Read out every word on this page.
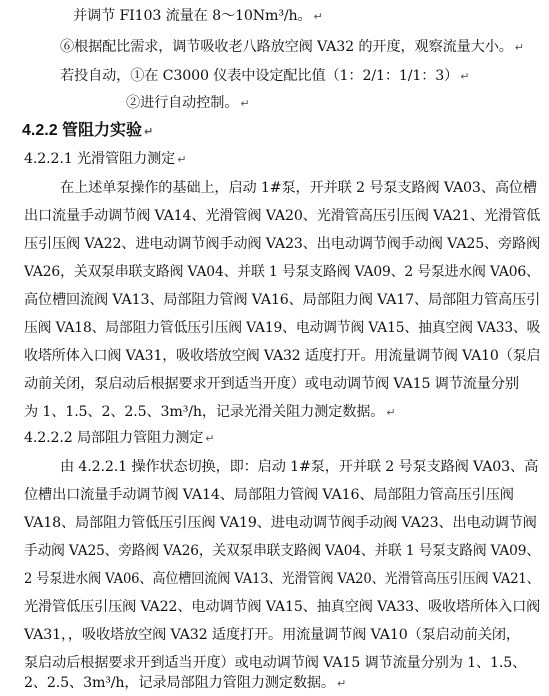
并调节 FI103 流量在 8～10Nm³/h。 ↵
⑥根据配比需求，调节吸收老八路放空阀 VA32 的开度，观察流量大小。 ↵
若投自动，①在 C3000 仪表中设定配比值（1：2/1：1/1：3） ↵
②进行自动控制。 ↵
4.2.2 管阻力实验 ↵
4.2.2.1 光滑管阻力测定 ↵
在上述单泵操作的基础上，启动 1#泵，开并联 2 号泵支路阀 VA03、高位槽
出口流量手动调节阀 VA14、光滑管阀 VA20、光滑管高压引压阀 VA21、光滑管低
压引压阀 VA22、进电动调节阀手动阀 VA23、出电动调节阀手动阀 VA25、旁路阀
VA26，关双泵串联支路阀 VA04、并联 1 号泵支路阀 VA09、2 号泵进水阀 VA06、
高位槽回流阀 VA13、局部阻力管阀 VA16、局部阻力阀 VA17、局部阻力管高压引
压阀 VA18、局部阻力管低压引压阀 VA19、电动调节阀 VA15、抽真空阀 VA33、吸
收塔所体入口阀 VA31，吸收塔放空阀 VA32 适度打开。用流量调节阀 VA10（泵启
动前关闭，泵启动后根据要求开到适当开度）或电动调节阀 VA15 调节流量分别
为 1、1.5、2、2.5、3m³/h，记录光滑关阻力测定数据。 ↵
4.2.2.2 局部阻力管阻力测定 ↵
由 4.2.2.1 操作状态切换，即：启动 1#泵，开并联 2 号泵支路阀 VA03、高
位槽出口流量手动调节阀 VA14、局部阻力管阀 VA16、局部阻力管高压引压阀
VA18、局部阻力管低压引压阀 VA19、进电动调节阀手动阀 VA23、出电动调节阀
手动阀 VA25、旁路阀 VA26，关双泵串联支路阀 VA04、并联 1 号泵支路阀 VA09、
2 号泵进水阀 VA06、高位槽回流阀 VA13、光滑管阀 VA20、光滑管高压引压阀 VA21、
光滑管低压引压阀 VA22、电动调节阀 VA15、抽真空阀 VA33、吸收塔所体入口阀
VA31，，吸收塔放空阀 VA32 适度打开。用流量调节阀 VA10（泵启动前关闭，
泵启动后根据要求开到适当开度）或电动调节阀 VA15 调节流量分别为 1、1.5、
2、2.5、3m³/h，记录局部阻力管阻力测定数据。 ↵
